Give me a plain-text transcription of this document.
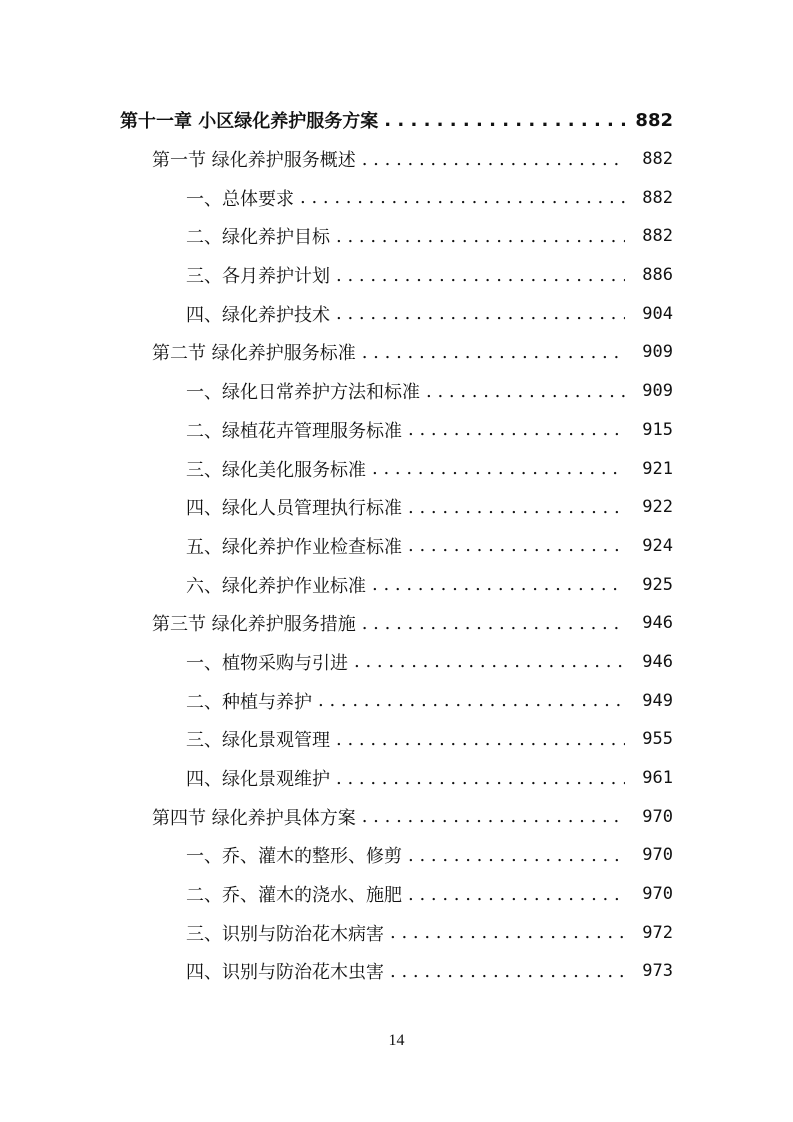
第十一章 小区绿化养护服务方案 . . .	882
第一节 绿化养护服务概述 . . .	882
一、总体要求 . . .	882
二、绿化养护目标 . . .	882
三、各月养护计划 . . .	886
四、绿化养护技术 . . .	904
第二节 绿化养护服务标准 . . .	909
一、绿化日常养护方法和标准 . . .	909
二、绿植花卉管理服务标准 . . .	915
三、绿化美化服务标准 . . .	921
四、绿化人员管理执行标准 . . .	922
五、绿化养护作业检查标准 . . .	924
六、绿化养护作业标准 . . .	925
第三节 绿化养护服务措施 . . .	946
一、植物采购与引进 . . .	946
二、种植与养护 . . .	949
三、绿化景观管理 . . .	955
四、绿化景观维护 . . .	961
第四节 绿化养护具体方案 . . .	970
一、乔、灌木的整形、修剪 . . .	970
二、乔、灌木的浇水、施肥 . . .	970
三、识别与防治花木病害 . . .	972
四、识别与防治花木虫害 . . .	973
14
